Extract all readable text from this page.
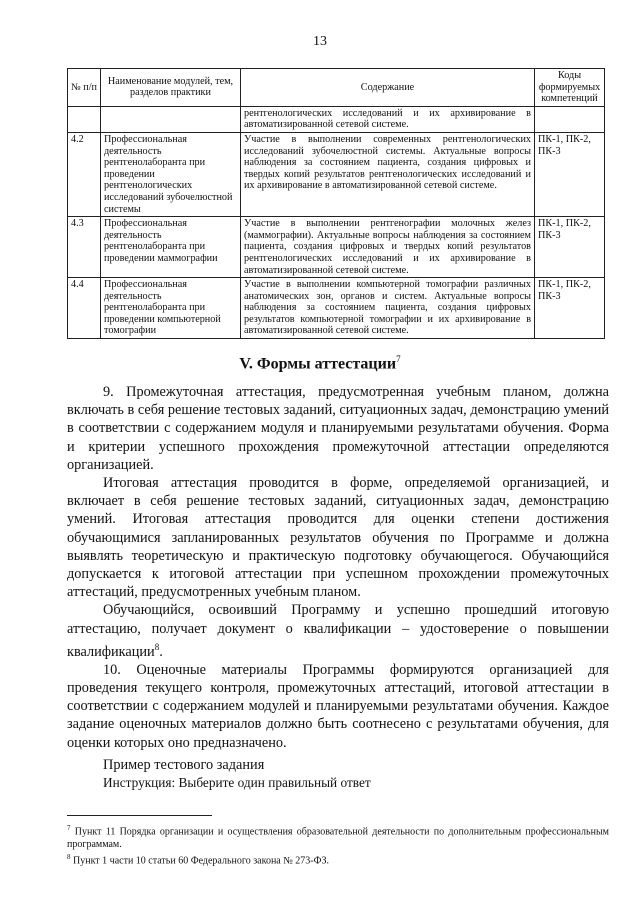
13
№ п/п	Наименование модулей, тем, разделов практики	Содержание	Коды формируемых компетенций
		рентгенологических исследований и их архивирование в автоматизированной сетевой системе.	
4.2	Профессиональная деятельность рентгенолаборанта при проведении рентгенологических исследований зубочелюстной системы	Участие в выполнении современных рентгенологических исследований зубочелюстной системы. Актуальные вопросы наблюдения за состоянием пациента, создания цифровых и твердых копий результатов рентгенологических исследований и их архивирование в автоматизированной сетевой системе.	ПК-1, ПК-2, ПК-3
4.3	Профессиональная деятельность рентгенолаборанта при проведении маммографии	Участие в выполнении рентгенографии молочных желез (маммографии). Актуальные вопросы наблюдения за состоянием пациента, создания цифровых и твердых копий результатов рентгенологических исследований и их архивирование в автоматизированной сетевой системе.	ПК-1, ПК-2, ПК-3
4.4	Профессиональная деятельность рентгенолаборанта при проведении компьютерной томографии	Участие в выполнении компьютерной томографии различных анатомических зон, органов и систем. Актуальные вопросы наблюдения за состоянием пациента, создания цифровых результатов компьютерной томографии и их архивирование в автоматизированной сетевой системе.	ПК-1, ПК-2, ПК-3
V. Формы аттестации$^7$

9. Промежуточная аттестация, предусмотренная учебным планом, должна включать в себя решение тестовых заданий, ситуационных задач, демонстрацию умений в соответствии с содержанием модуля и планируемыми результатами обучения. Форма и критерии успешного прохождения промежуточной аттестации определяются организацией.

Итоговая аттестация проводится в форме, определяемой организацией, и включает в себя решение тестовых заданий, ситуационных задач, демонстрацию умений. Итоговая аттестация проводится для оценки степени достижения обучающимися запланированных результатов обучения по Программе и должна выявлять теоретическую и практическую подготовку обучающегося. Обучающийся допускается к итоговой аттестации при успешном прохождении промежуточных аттестаций, предусмотренных учебным планом.

Обучающийся, освоивший Программу и успешно прошедший итоговую аттестацию, получает документ о квалификации – удостоверение о повышении квалификации$^8$.

10. Оценочные материалы Программы формируются организацией для проведения текущего контроля, промежуточных аттестаций, итоговой аттестации в соответствии с содержанием модулей и планируемыми результатами обучения. Каждое задание оценочных материалов должно быть соотнесено с результатами обучения, для оценки которых оно предназначено.

Пример тестового задания

Инструкция: Выберите один правильный ответ

$^7$ Пункт 11 Порядка организации и осуществления образовательной деятельности по дополнительным профессиональным программам.

$^8$ Пункт 1 части 10 статьи 60 Федерального закона № 273-ФЗ.
